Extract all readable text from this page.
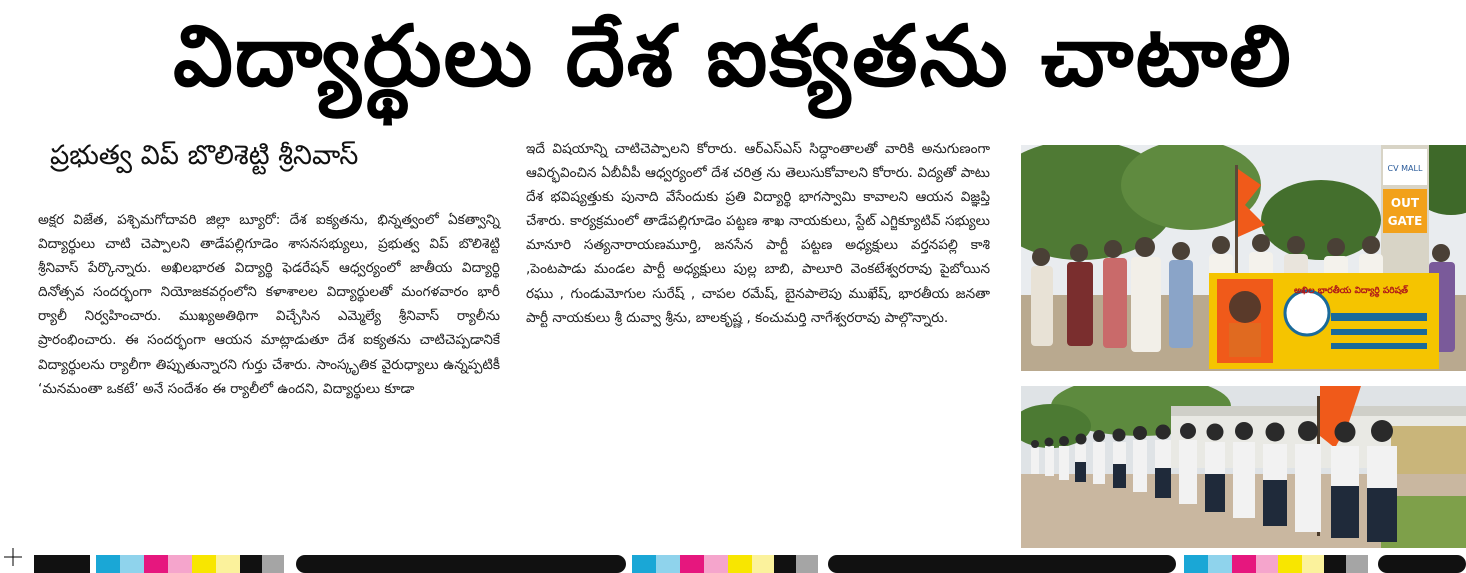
విద్యార్థులు దేశ ఐక్యతను చాటాలి
ప్రభుత్వ విప్ బొలిశెట్టి శ్రీనివాస్
అక్షర విజేత, పశ్చిమగోదావరి జిల్లా బ్యూరో: దేశ ఐక్యతను, భిన్నత్వంలో ఏకత్వాన్ని విద్యార్థులు చాటి చెప్పాలని తాడేపల్లిగూడెం శాసనసభ్యులు, ప్రభుత్వ విప్ బొలిశెట్టి శ్రీనివాస్ పేర్కొన్నారు. అఖిలభారత విద్యార్థి ఫెడరేషన్ ఆధ్వర్యంలో జాతీయ విద్యార్థి దినోత్సవ సందర్భంగా నియోజకవర్గంలోని కళాశాలల విద్యార్థులతో మంగళవారం భారీ ర్యాలీ నిర్వహించారు. ముఖ్యఅతిథిగా విచ్చేసిన ఎమ్మెల్యే శ్రీనివాస్ ర్యాలీను ప్రారంభించారు. ఈ సందర్భంగా ఆయన మాట్లాడుతూ దేశ ఐక్యతను చాటిచెప్పడానికే విద్యార్థులను ర్యాలీగా తిప్పుతున్నారని గుర్తు చేశారు. సాంస్కృతిక వైరుధ్యాలు ఉన్నప్పటికీ ‘మనమంతా ఒకటే’ అనే సందేశం ఈ ర్యాలీలో ఉందని, విద్యార్థులు కూడా
ఇదే విషయాన్ని చాటిచెప్పాలని కోరారు. ఆర్ఎస్ఎస్ సిద్ధాంతాలతో వారికి అనుగుణంగా ఆవిర్భవించిన ఏబీవీపీ ఆధ్వర్యంలో దేశ చరిత్ర ను తెలుసుకోవాలని కోరారు. విద్యతో పాటు దేశ భవిష్యత్తుకు పునాది వేసేందుకు ప్రతి విద్యార్థి భాగస్వామి కావాలని ఆయన విజ్ఞప్తి చేశారు. కార్యక్రమంలో తాడేపల్లిగూడెం పట్టణ శాఖ నాయకులు, స్టేట్ ఎగ్జిక్యూటివ్ సభ్యులు మానూరి సత్యనారాయణమూర్తి, జనసేన పార్టీ పట్టణ అధ్యక్షులు వర్తనపల్లి కాశి ,పెంటపాడు మండల పార్టీ అధ్యక్షులు పుల్ల బాబి, పాలూరి వెంకటేశ్వరరావు పైబోయిన రఘు , గుండుమోగుల సురేష్ , చాపల రమేష్, బైనపాలెపు ముఖేష్, భారతీయ జనతా పార్టీ నాయకులు శ్రీ దువ్వా శ్రీను, బాలకృష్ణ , కంచుమర్తి నాగేశ్వరరావు పాల్గొన్నారు.
CV MALL
OUT
GATE
అఖిల భారతీయ విద్యార్థి పరిషత్
